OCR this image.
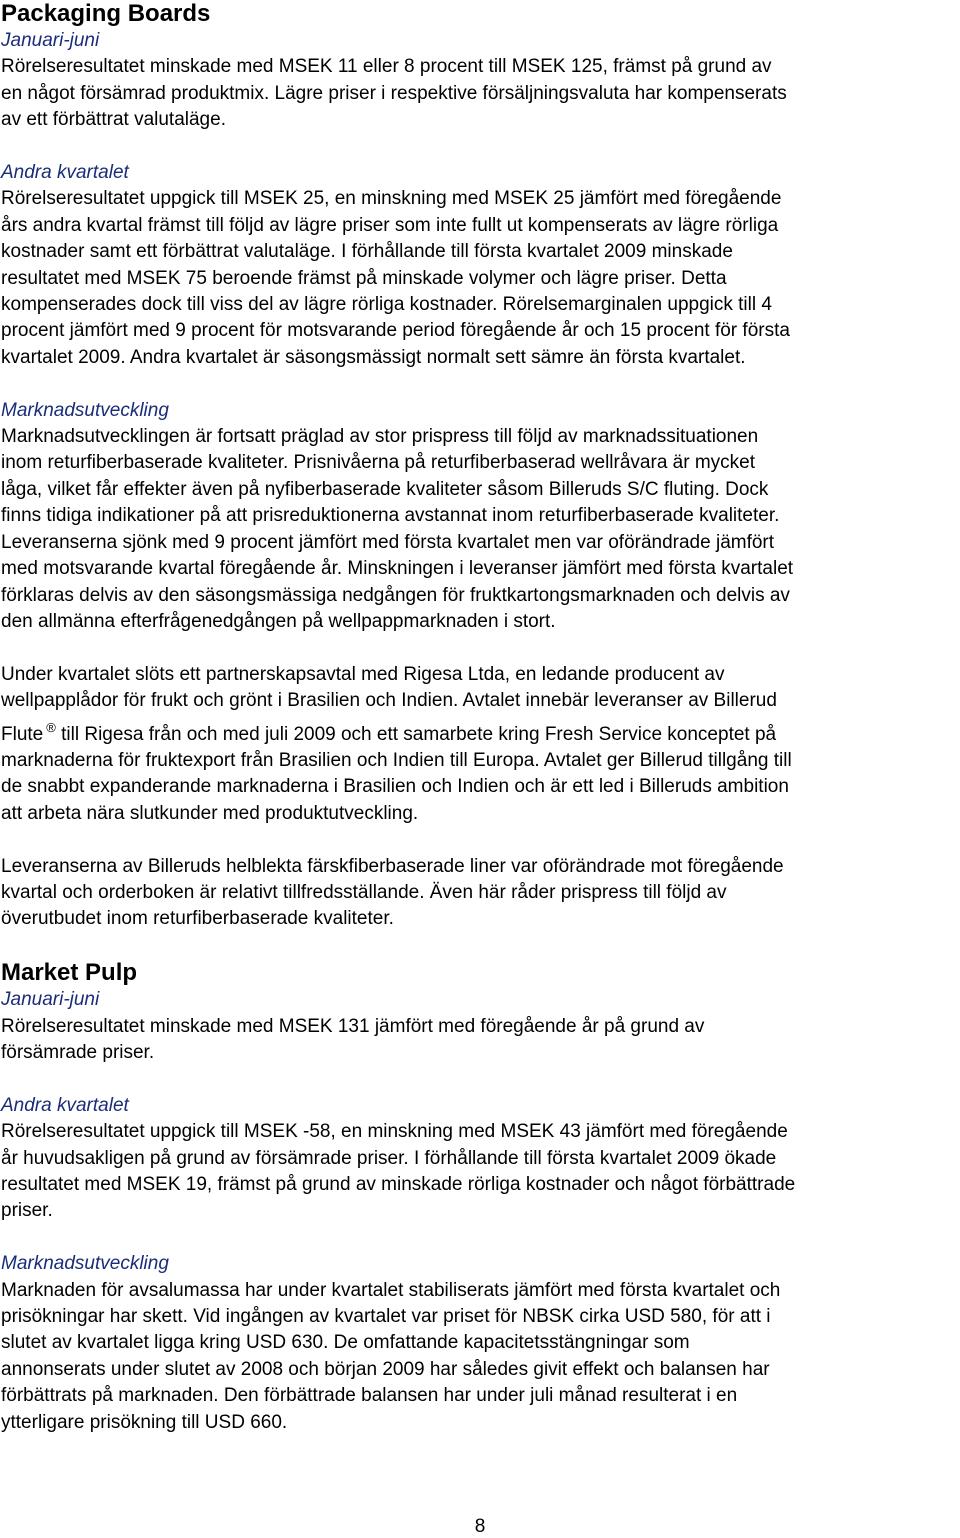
Packaging Boards
Januari-juni

Rörelseresultatet minskade med MSEK 11 eller 8 procent till MSEK 125, främst på grund av
en något försämrad produktmix. Lägre priser i respektive försäljningsvaluta har kompenserats
av ett förbättrat valutaläge.

Andra kvartalet

Rörelseresultatet uppgick till MSEK 25, en minskning med MSEK 25 jämfört med föregående
års andra kvartal främst till följd av lägre priser som inte fullt ut kompenserats av lägre rörliga
kostnader samt ett förbättrat valutaläge. I förhållande till första kvartalet 2009 minskade
resultatet med MSEK 75 beroende främst på minskade volymer och lägre priser. Detta
kompenserades dock till viss del av lägre rörliga kostnader. Rörelsemarginalen uppgick till 4
procent jämfört med 9 procent för motsvarande period föregående år och 15 procent för första
kvartalet 2009. Andra kvartalet är säsongsmässigt normalt sett sämre än första kvartalet.

Marknadsutveckling

Marknadsutvecklingen är fortsatt präglad av stor prispress till följd av marknadssituationen
inom returfiberbaserade kvaliteter. Prisnivåerna på returfiberbaserad wellråvara är mycket
låga, vilket får effekter även på nyfiberbaserade kvaliteter såsom Billeruds S/C fluting. Dock
finns tidiga indikationer på att prisreduktionerna avstannat inom returfiberbaserade kvaliteter.
Leveranserna sjönk med 9 procent jämfört med första kvartalet men var oförändrade jämfört
med motsvarande kvartal föregående år. Minskningen i leveranser jämfört med första kvartalet
förklaras delvis av den säsongsmässiga nedgången för fruktkartongsmarknaden och delvis av
den allmänna efterfrågenedgången på wellpappmarknaden i stort.

Under kvartalet slöts ett partnerskapsavtal med Rigesa Ltda, en ledande producent av
wellpapplådor för frukt och grönt i Brasilien och Indien. Avtalet innebär leveranser av Billerud
Flute ® till Rigesa från och med juli 2009 och ett samarbete kring Fresh Service konceptet på
marknaderna för fruktexport från Brasilien och Indien till Europa. Avtalet ger Billerud tillgång till
de snabbt expanderande marknaderna i Brasilien och Indien och är ett led i Billeruds ambition
att arbeta nära slutkunder med produktutveckling.

Leveranserna av Billeruds helblekta färskfiberbaserade liner var oförändrade mot föregående
kvartal och orderboken är relativt tillfredsställande. Även här råder prispress till följd av
överutbudet inom returfiberbaserade kvaliteter.

Market Pulp
Januari-juni

Rörelseresultatet minskade med MSEK 131 jämfört med föregående år på grund av
försämrade priser.

Andra kvartalet

Rörelseresultatet uppgick till MSEK -58, en minskning med MSEK 43 jämfört med föregående
år huvudsakligen på grund av försämrade priser. I förhållande till första kvartalet 2009 ökade
resultatet med MSEK 19, främst på grund av minskade rörliga kostnader och något förbättrade
priser.

Marknadsutveckling

Marknaden för avsalumassa har under kvartalet stabiliserats jämfört med första kvartalet och
prisökningar har skett. Vid ingången av kvartalet var priset för NBSK cirka USD 580, för att i
slutet av kvartalet ligga kring USD 630. De omfattande kapacitetsstängningar som
annonserats under slutet av 2008 och början 2009 har således givit effekt och balansen har
förbättrats på marknaden. Den förbättrade balansen har under juli månad resulterat i en
ytterligare prisökning till USD 660.

8
